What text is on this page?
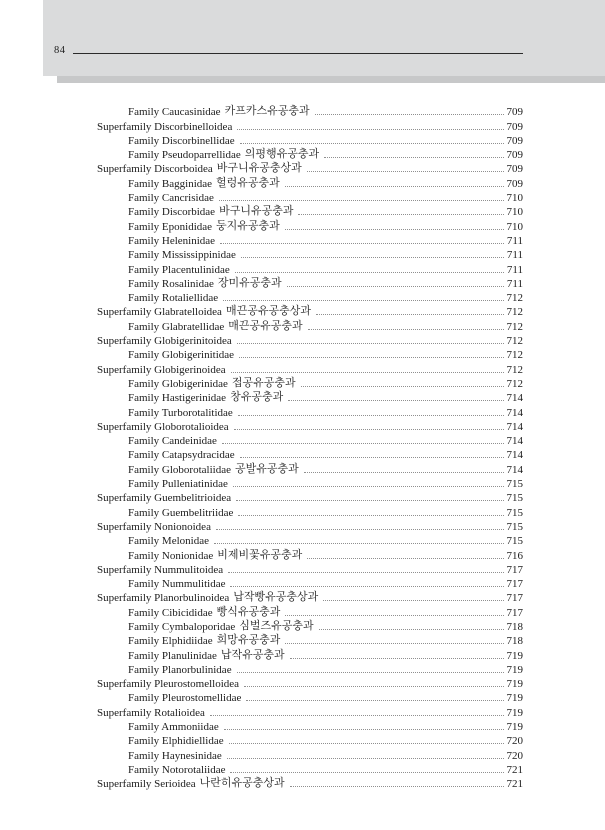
84
Family Caucasinidae 카프카스유공충과	709
Superfamily Discorbinelloidea	709
Family Discorbinellidae	709
Family Pseudoparrellidae 의평행유공충과	709
Superfamily Discorboidea 바구니유공충상과	709
Family Bagginidae 헐렁유공충과	709
Family Cancrisidae	710
Family Discorbidae 바구니유공충과	710
Family Eponididae 둥지유공충과	710
Family Heleninidae	711
Family Mississippinidae	711
Family Placentulinidae	711
Family Rosalinidae 장미유공충과	711
Family Rotaliellidae	712
Superfamily Glabratelloidea 매끈공유공충상과	712
Family Glabratellidae 매끈공유공충과	712
Superfamily Globigerinitoidea	712
Family Globigerinitidae	712
Superfamily Globigerinoidea	712
Family Globigerinidae 접공유공충과	712
Family Hastigerinidae 창유공충과	714
Family Turborotalitidae	714
Superfamily Globorotalioidea	714
Family Candeinidae	714
Family Catapsydracidae	714
Family Globorotaliidae 공발유공충과	714
Family Pulleniatinidae	715
Superfamily Guembelitrioidea	715
Family Guembelitriidae	715
Superfamily Nonionoidea	715
Family Melonidae	715
Family Nonionidae 비제비꽃유공충과	716
Superfamily Nummulitoidea	717
Family Nummulitidae	717
Superfamily Planorbulinoidea 납작빵유공충상과	717
Family Cibicididae 빵식유공충과	717
Family Cymbaloporidae 심벌즈유공충과	718
Family Elphidiidae 희망유공충과	718
Family Planulinidae 납작유공충과	719
Family Planorbulinidae	719
Superfamily Pleurostomelloidea	719
Family Pleurostomellidae	719
Superfamily Rotalioidea	719
Family Ammoniidae	719
Family Elphidiellidae	720
Family Haynesinidae	720
Family Notorotaliidae	721
Superfamily Serioidea 나란히유공충상과	721
